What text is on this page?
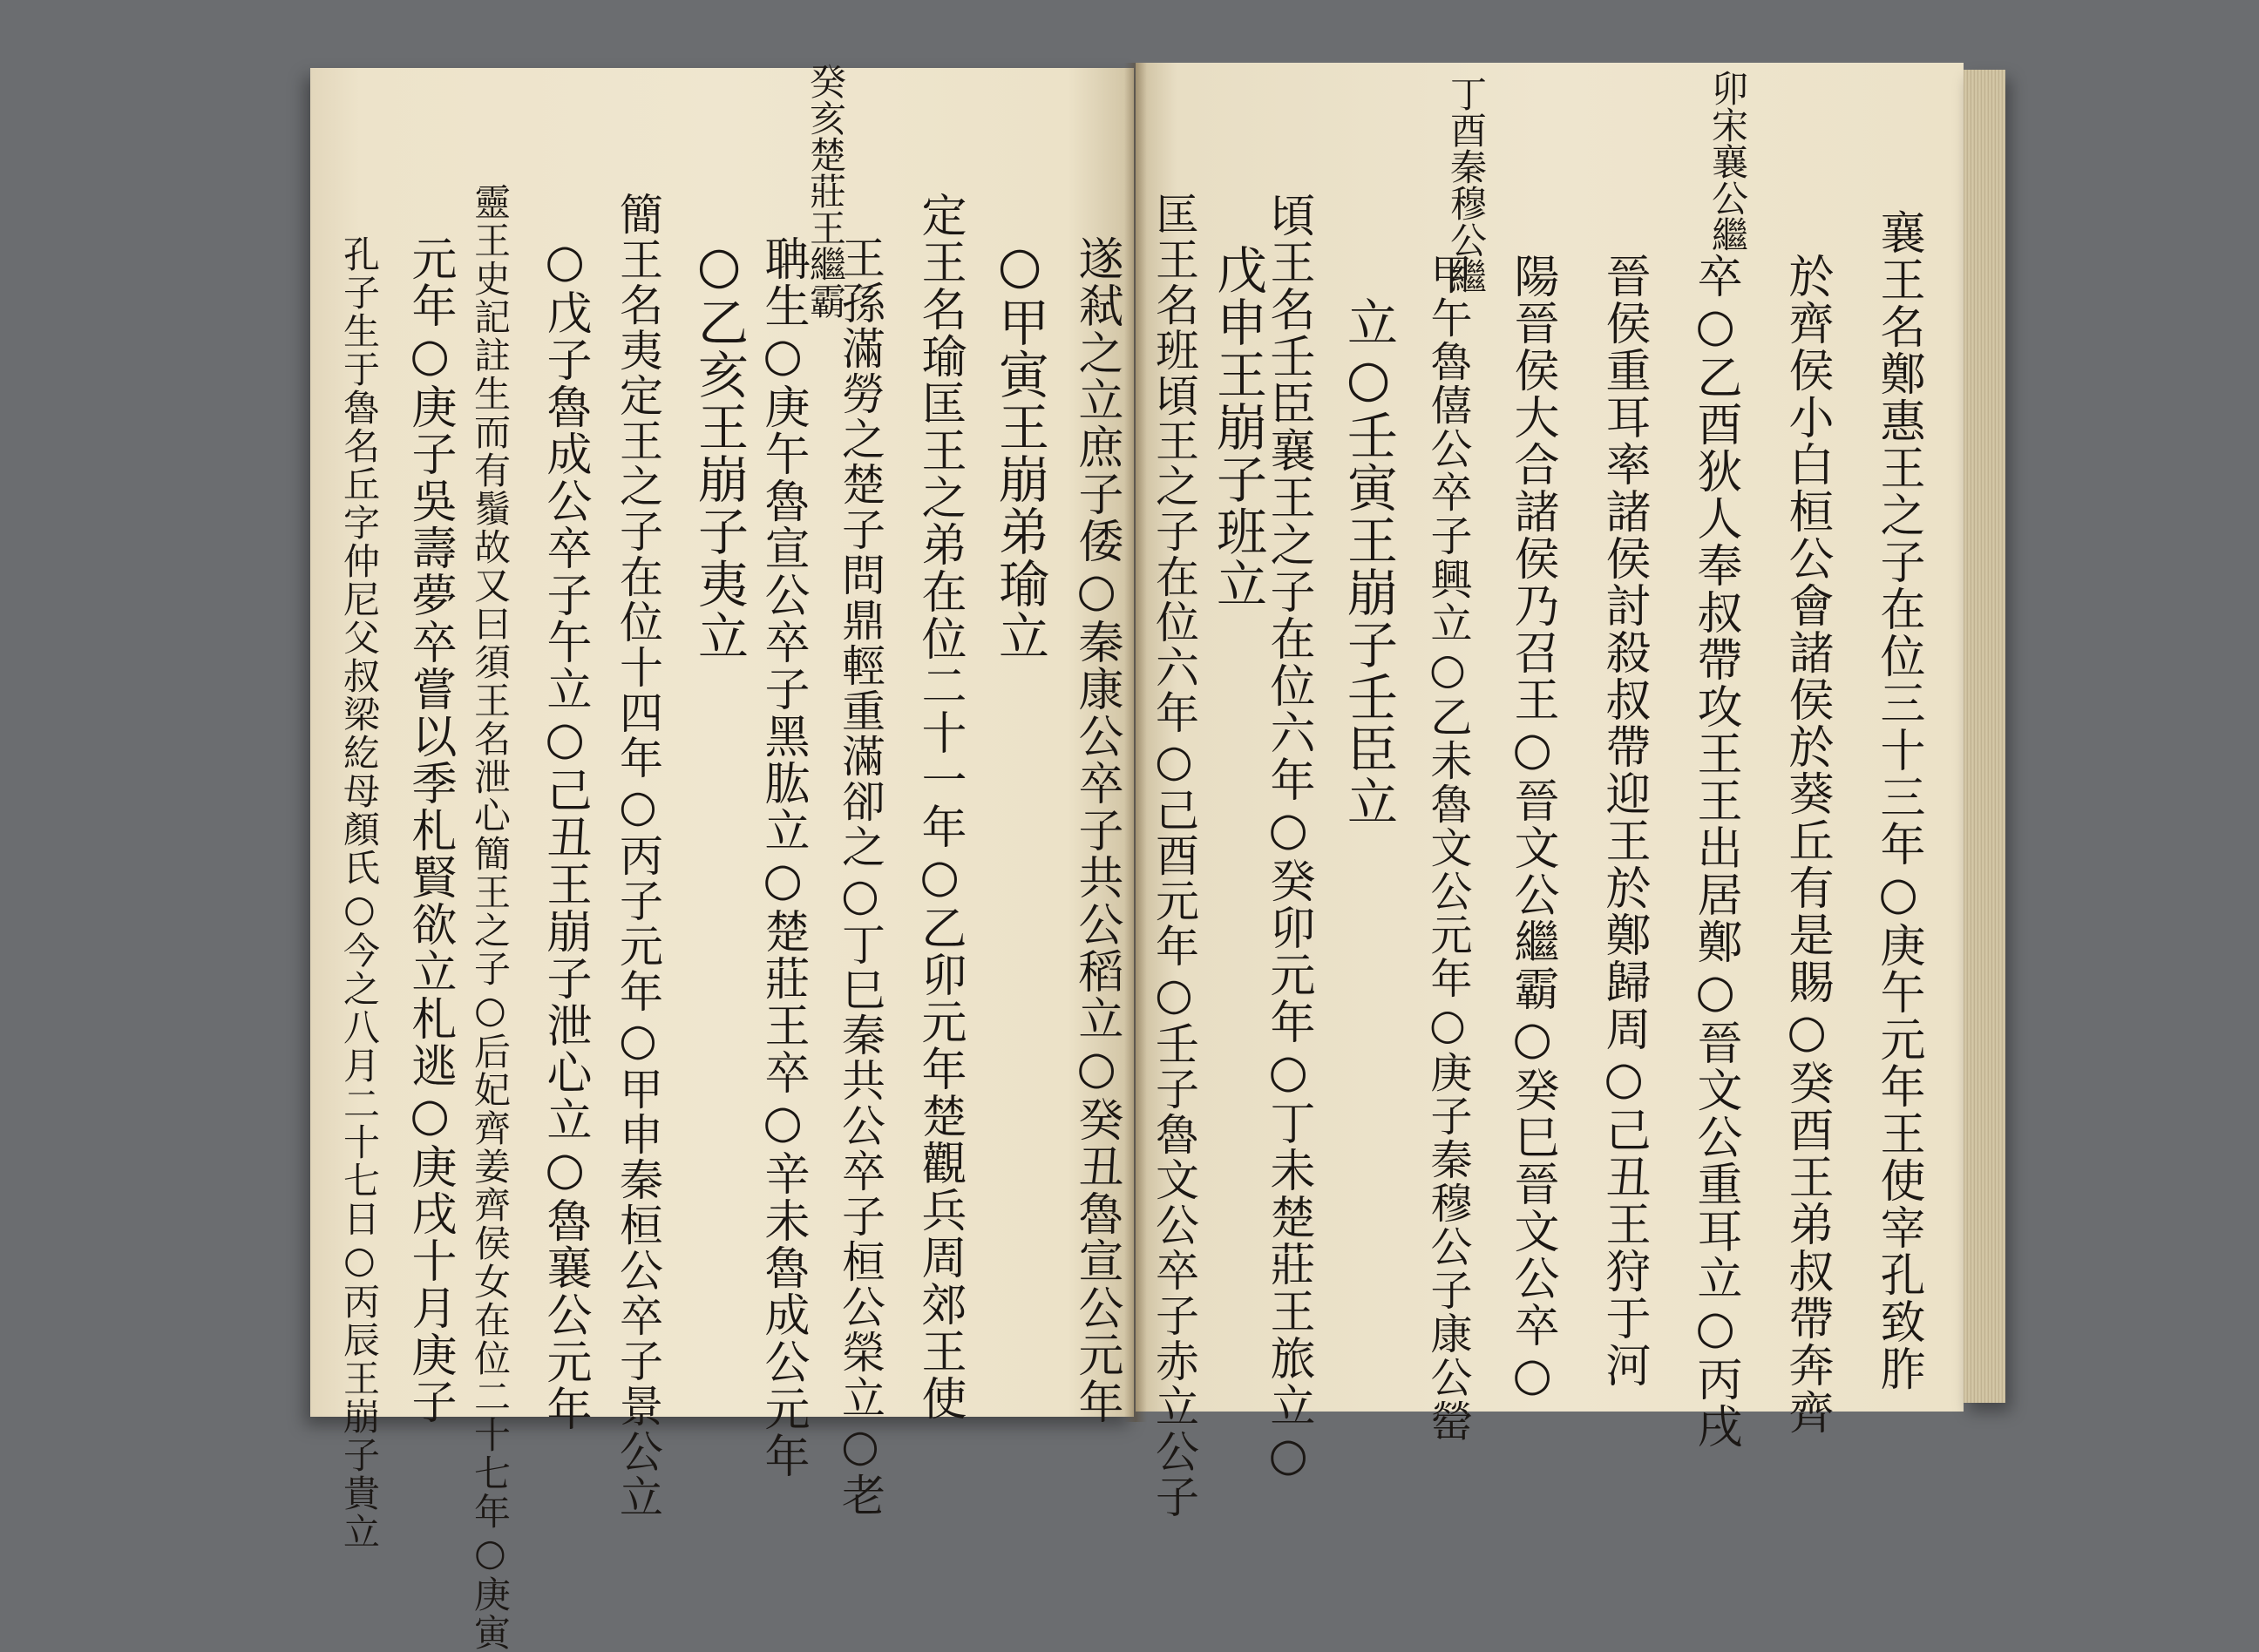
卯宋襄公繼
丁酉秦穆公繼
襄王名鄭惠王之子在位三十三年○庚午元年王使宰孔致胙
於齊侯小白桓公會諸侯於葵丘有是賜○癸酉王弟叔帶奔齊
卒○乙酉狄人奉叔帶攻王王出居鄭○晉文公重耳立○丙戌
晉侯重耳率諸侯討殺叔帶迎王於鄭歸周○己丑王狩于河
陽晉侯大合諸侯乃召王○晉文公繼霸○癸巳晉文公卒○
甲午魯僖公卒子興立○乙未魯文公元年○庚子秦穆公子康公罃
立○壬寅王崩子壬臣立
頃王名壬臣襄王之子在位六年○癸卯元年○丁未楚莊王旅立○
戊申王崩子班立
匡王名班頃王之子在位六年○己酉元年○壬子魯文公卒子赤立公子
癸亥楚莊王繼霸
遂弒之立庶子倭○秦康公卒子共公稻立○癸丑魯宣公元年
○甲寅王崩弟瑜立
定王名瑜匡王之弟在位二十一年○乙卯元年楚觀兵周郊王使
王孫滿勞之楚子問鼎輕重滿卻之○丁巳秦共公卒子桓公榮立○老
聃生○庚午魯宣公卒子黑肱立○楚莊王卒○辛未魯成公元年
○乙亥王崩子夷立
簡王名夷定王之子在位十四年○丙子元年○甲申秦桓公卒子景公立
○戊子魯成公卒子午立○己丑王崩子泄心立○魯襄公元年
靈王史記註生而有鬚故又曰須王名泄心簡王之子○后妃齊姜齊侯女在位二十七年○庚寅
元年○庚子吳壽夢卒嘗以季札賢欲立札逃○庚戌十月庚子
孔子生于魯名丘字仲尼父叔梁紇母顏氏○今之八月二十七日○丙辰王崩子貴立
